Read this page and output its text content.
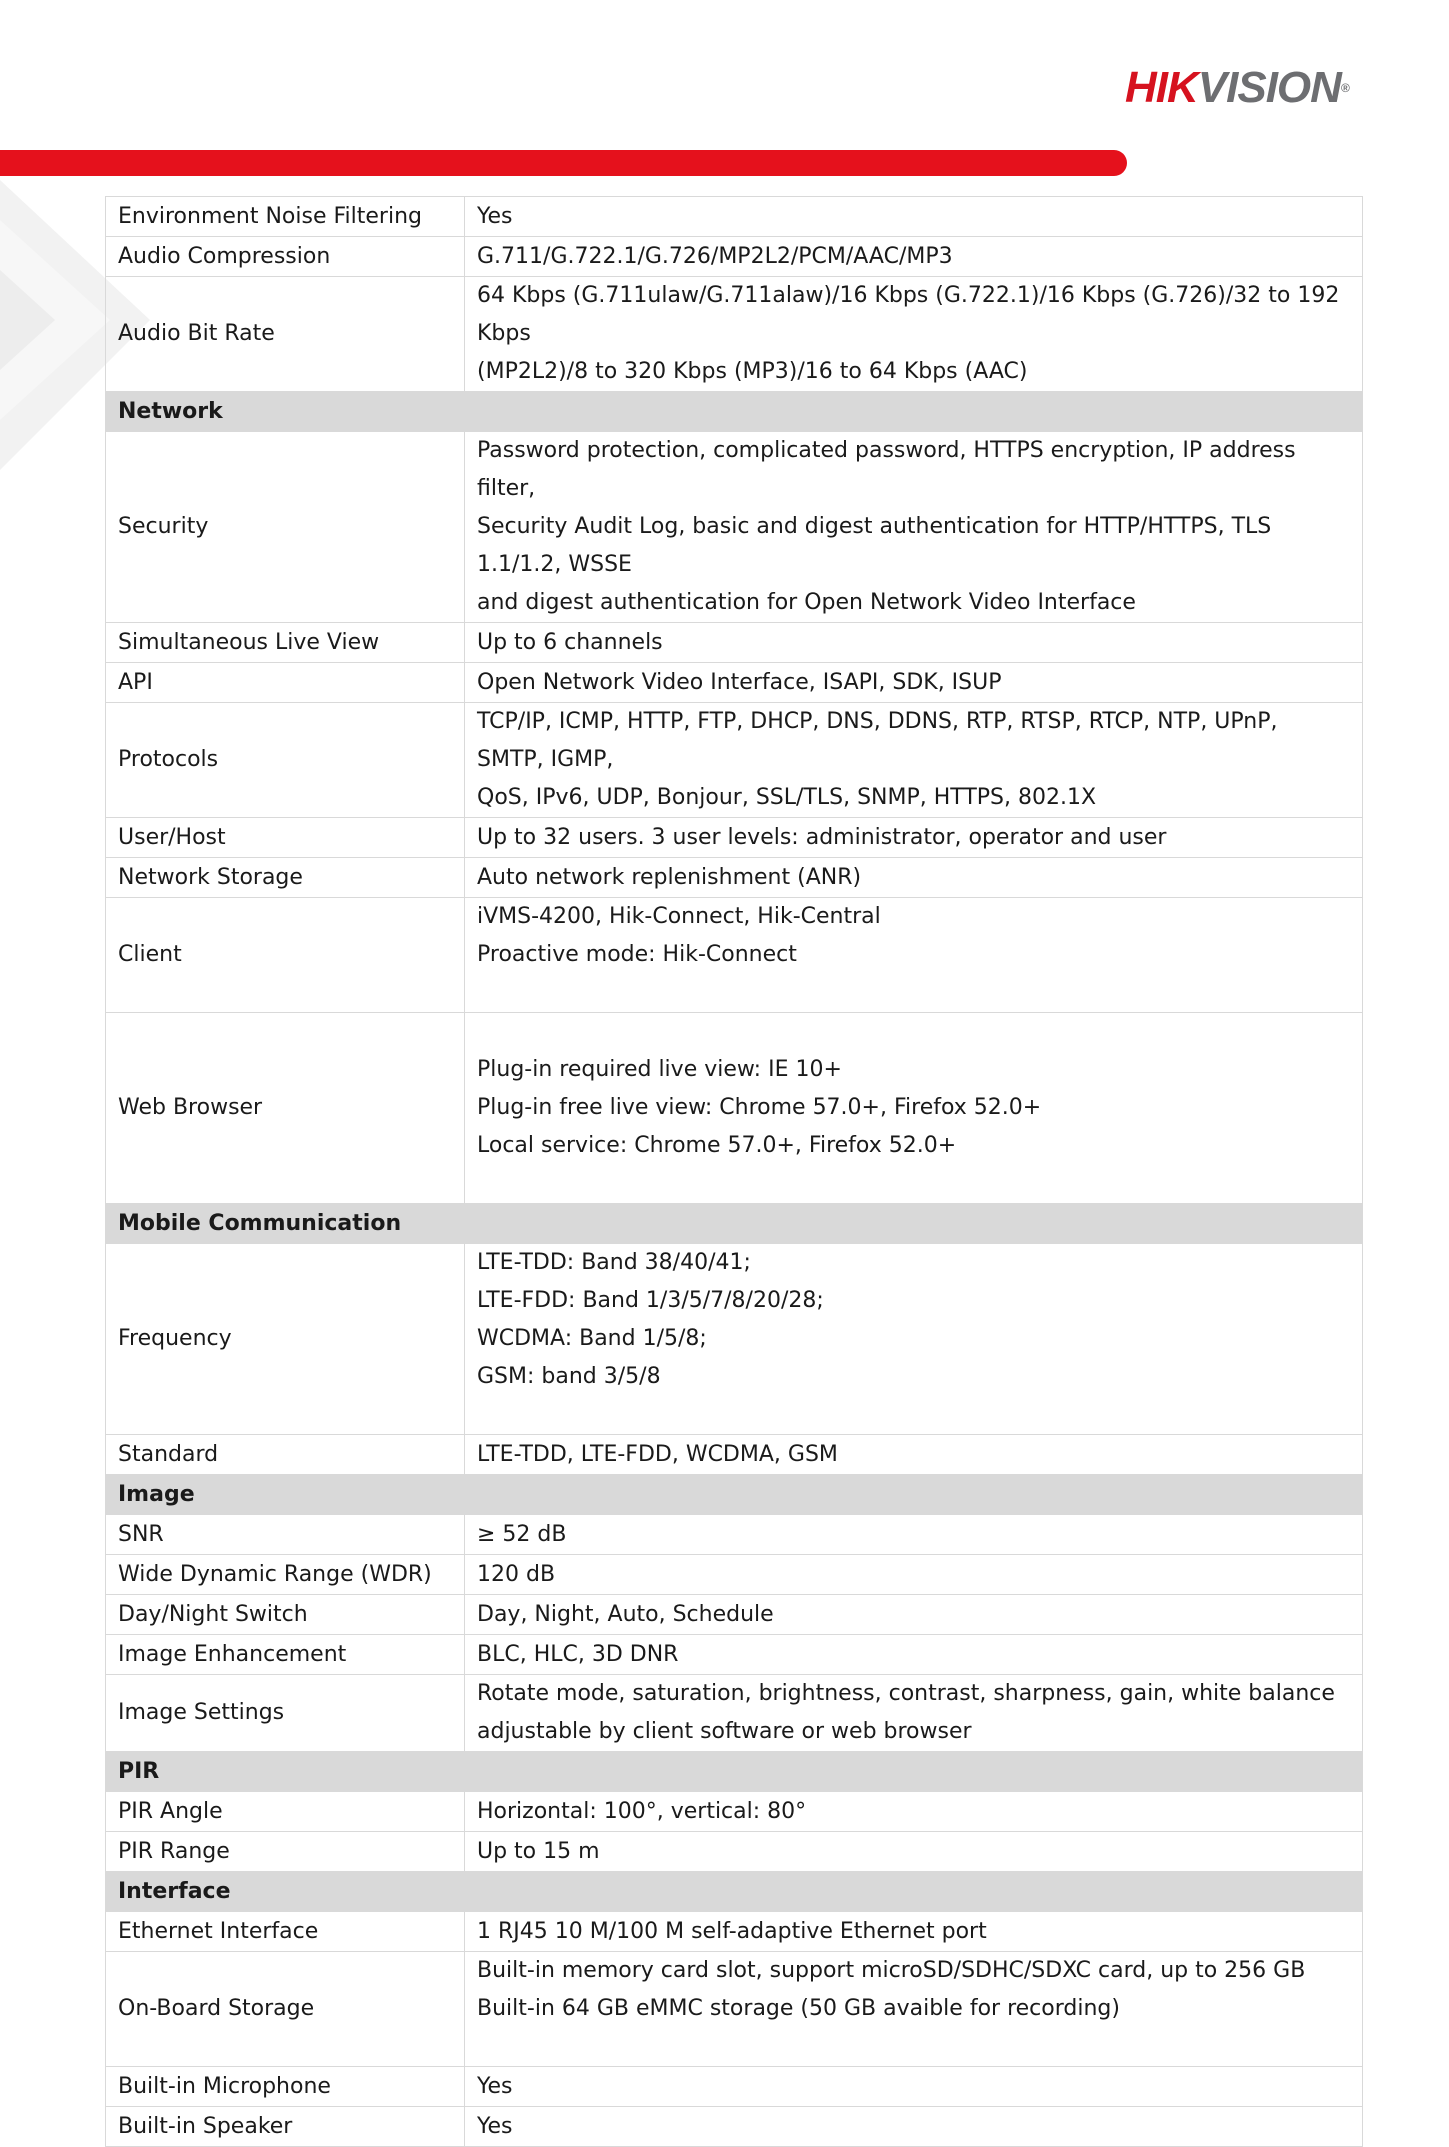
HIKVISION®
Environment Noise Filtering	Yes

Audio Compression	G.711/G.722.1/G.726/MP2L2/PCM/AAC/MP3

Audio Bit Rate	64 Kbps (G.711ulaw/G.711alaw)/16 Kbps (G.722.1)/16 Kbps (G.726)/32 to 192 Kbps
(MP2L2)/8 to 320 Kbps (MP3)/16 to 64 Kbps (AAC)

Network	
Security	Password protection, complicated password, HTTPS encryption, IP address filter,
Security Audit Log, basic and digest authentication for HTTP/HTTPS, TLS 1.1/1.2, WSSE
and digest authentication for Open Network Video Interface

Simultaneous Live View	Up to 6 channels

API	Open Network Video Interface, ISAPI, SDK, ISUP

Protocols	TCP/IP, ICMP, HTTP, FTP, DHCP, DNS, DDNS, RTP, RTSP, RTCP, NTP, UPnP, SMTP, IGMP,
QoS, IPv6, UDP, Bonjour, SSL/TLS, SNMP, HTTPS, 802.1X

User/Host	Up to 32 users. 3 user levels: administrator, operator and user

Network Storage	Auto network replenishment (ANR)

Client	iVMS-4200, Hik-Connect, Hik-Central
Proactive mode: Hik-Connect

Web Browser	Plug-in required live view: IE 10+
Plug-in free live view: Chrome 57.0+, Firefox 52.0+
Local service: Chrome 57.0+, Firefox 52.0+

Mobile Communication	
Frequency	LTE-TDD: Band 38/40/41;
LTE-FDD: Band 1/3/5/7/8/20/28;
WCDMA: Band 1/5/8;
GSM: band 3/5/8

Standard	LTE-TDD, LTE-FDD, WCDMA, GSM

Image	
SNR	≥ 52 dB

Wide Dynamic Range (WDR)	120 dB

Day/Night Switch	Day, Night, Auto, Schedule

Image Enhancement	BLC, HLC, 3D DNR

Image Settings	Rotate mode, saturation, brightness, contrast, sharpness, gain, white balance
adjustable by client software or web browser

PIR	
PIR Angle	Horizontal: 100°, vertical: 80°

PIR Range	Up to 15 m

Interface	
Ethernet Interface	1 RJ45 10 M/100 M self-adaptive Ethernet port

On-Board Storage	Built-in memory card slot, support microSD/SDHC/SDXC card, up to 256 GB
Built-in 64 GB eMMC storage (50 GB avaible for recording)

Built-in Microphone	Yes

Built-in Speaker	Yes
